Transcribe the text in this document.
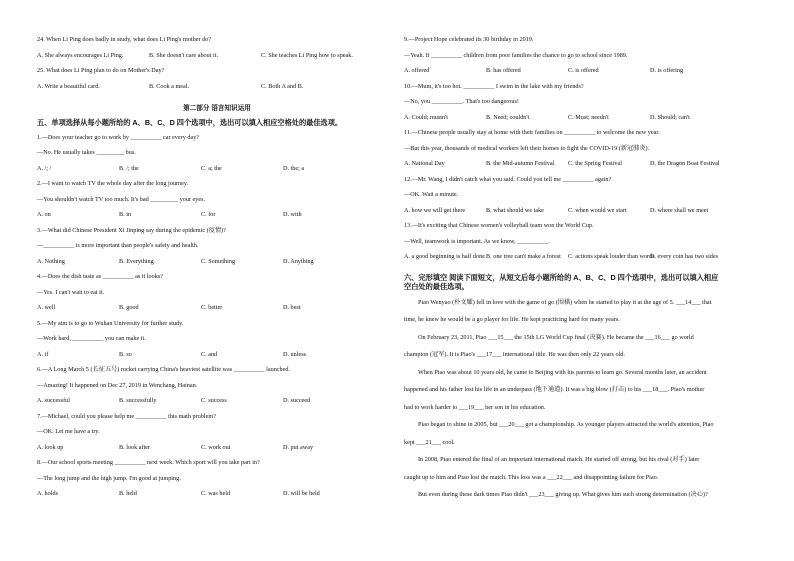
24. When Li Ping does badly in study, what does Li Ping's mother do?
A. She always encourages Li Ping.	B. She doesn't care about it.	C. She teaches Li Ping how to speak.
25. What does Li Ping plan to do on Mother's Day?
A. Write a beautiful card.	B. Cook a meal.	C. Both A and B.
第二部分 语言知识运用
五、单项选择从每小题所给的 A、B、C、D 四个选项中，选出可以填入相应空格处的最佳选项。
1.—Does your teacher go to work by __________ car every day?
—No. He usually takes _________ bus.
A. /; /	B. /; the	C. a; the	D. the; a
2.—I want to watch TV the whole day after the long journey.
—You shouldn't watch TV too much. It's bad _________ your eyes.
A. on	B. in	C. for	D. with
3.—What did Chinese President Xi Jinping say during the epidemic (疫情)?
—__________ is more important than people's safety and health.
A. Nothing	B. Everything	C. Something	D. Anything
4.—Does the dish taste as __________ as it looks?
—Yes. I can't wait to eat it.
A. well	B. good	C. better	D. best
5.—My aim is to go to Wuhan University for further study.
—Work hard, __________ you can make it.
A. if	B. so	C. and	D. unless
6.—A Long March 5 (长征五号) rocket carrying China's heaviest satellite was __________ launched.
—Amazing! It happened on Dec 27, 2019 in Wenchang, Hainan.
A. successful	B. successfully	C. success	D. succeed
7.—Michael, could you please help me __________ this math problem?
—OK. Let me have a try.
A. look up	B. look after	C. work out	D. put away
8.—Our school sports meeting __________ next week. Which sport will you take part in?
—The long jump and the high jump. I'm good at jumping.
A. holds	B. held	C. was held	D. will be held
9.—Project Hope celebrated its 30 birthday in 2019.
—Yeah. It __________ children from poor families the chance to go to school since 1989.
A. offered	B. has offered	C. is offered	D. is offering
10.—Mum, it's too hot. __________ I swim in the lake with my friends?
—No, you __________. That's too dangerous!
A. Could; mustn't	B. Need; couldn't	C. Must; needn't	D. Should; can't
11.—Chinese people usually stay at home with their families on __________ to welcome the new year.
—But this year, thousands of medical workers left their homes to fight the COVID-19 (新冠肺炎).
A. National Day	B. the Mid-autumn Festival C. the Spring Festival	D. the Dragon Boat Festival
12.—Mr. Wang, I didn't catch what you said. Could you tell me __________ again?
—OK. Wait a minute.
A. how we will get there	B. what should we take	C. when would we start	D. where shall we meet
13.—It's exciting that Chinese women's volleyball team won the World Cup.
—Well, teamwork is important. As we know, __________.
A. a good beginning is half done B. one tree can't make a forest C. actions speak louder than words
D. every coin has two sides
六、完形填空 阅读下面短文，从短文后每小题所给的 A、B、C、D 四个选项中，选出可以填入相应
空白处的最佳选项。
Piao Wenyao (朴文耀) fell in love with the game of go (围棋) when he started to play it at the age of 5. ___14___ that
time, he knew he would be a go player for life. He kept practicing hard for many years.
On February 23, 2011, Piao ___15___ the 15th LG World Cup final (决赛). He became the ___16___ go world
champion (冠军). It is Piao's ___17___ international title. He was then only 22 years old.
When Piao was about 10 years old, he came to Beijing with his parents to learn go. Several months later, an accident
happened and his father lost his life in an underpass (地下通道). It was a big blow (打击) to his ___18___. Piao's mother
had to work harder to ___19___ her son in his education.
Piao began to shine in 2005, but ___20___ got a championship. As younger players attracted the world's attention, Piao
kept ___21___ cool.
In 2008, Piao entered the final of an important international match. He started off strong, but his rival (对手) later
caught up to him and Piao lost the match. This loss was a ___22___ and disappointing failure for Piao.
But even during these dark times Piao didn't ___23___ giving up. What gives him such strong determination (决心)?
